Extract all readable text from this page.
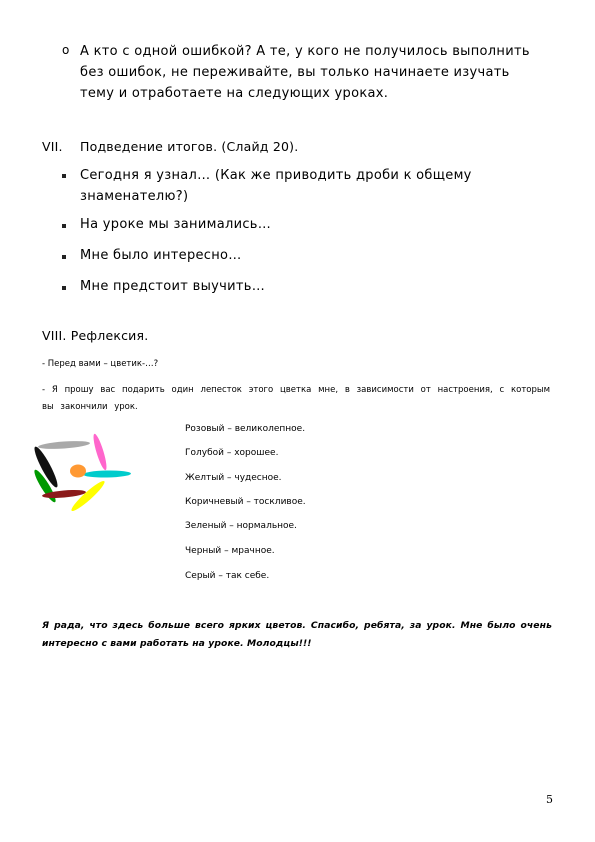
o А кто с одной ошибкой? А те, у кого не получилось выполнить
без ошибок, не переживайте, вы только начинаете изучать
тему и отработаете на следующих уроках.
VII. Подведение итогов. (Слайд 20).
Сегодня я узнал… (Как же приводить дроби к общему
знаменателю?)
На уроке мы занимались…
Мне было интересно…
Мне предстоит выучить…
VIII. Рефлексия.
- Перед вами – цветик-…?
- Я прошу вас подарить один лепесток этого цветка мне, в зависимости от настроения, с которым вы закончили урок.
Розовый – великолепное.
Голубой – хорошее.
Желтый – чудесное.
Коричневый – тоскливое.
Зеленый – нормальное.
Черный – мрачное.
Серый – так себе.
Я рада, что здесь больше всего ярких цветов. Спасибо, ребята, за урок. Мне было очень интересно с вами работать на уроке. Молодцы!!!
5
